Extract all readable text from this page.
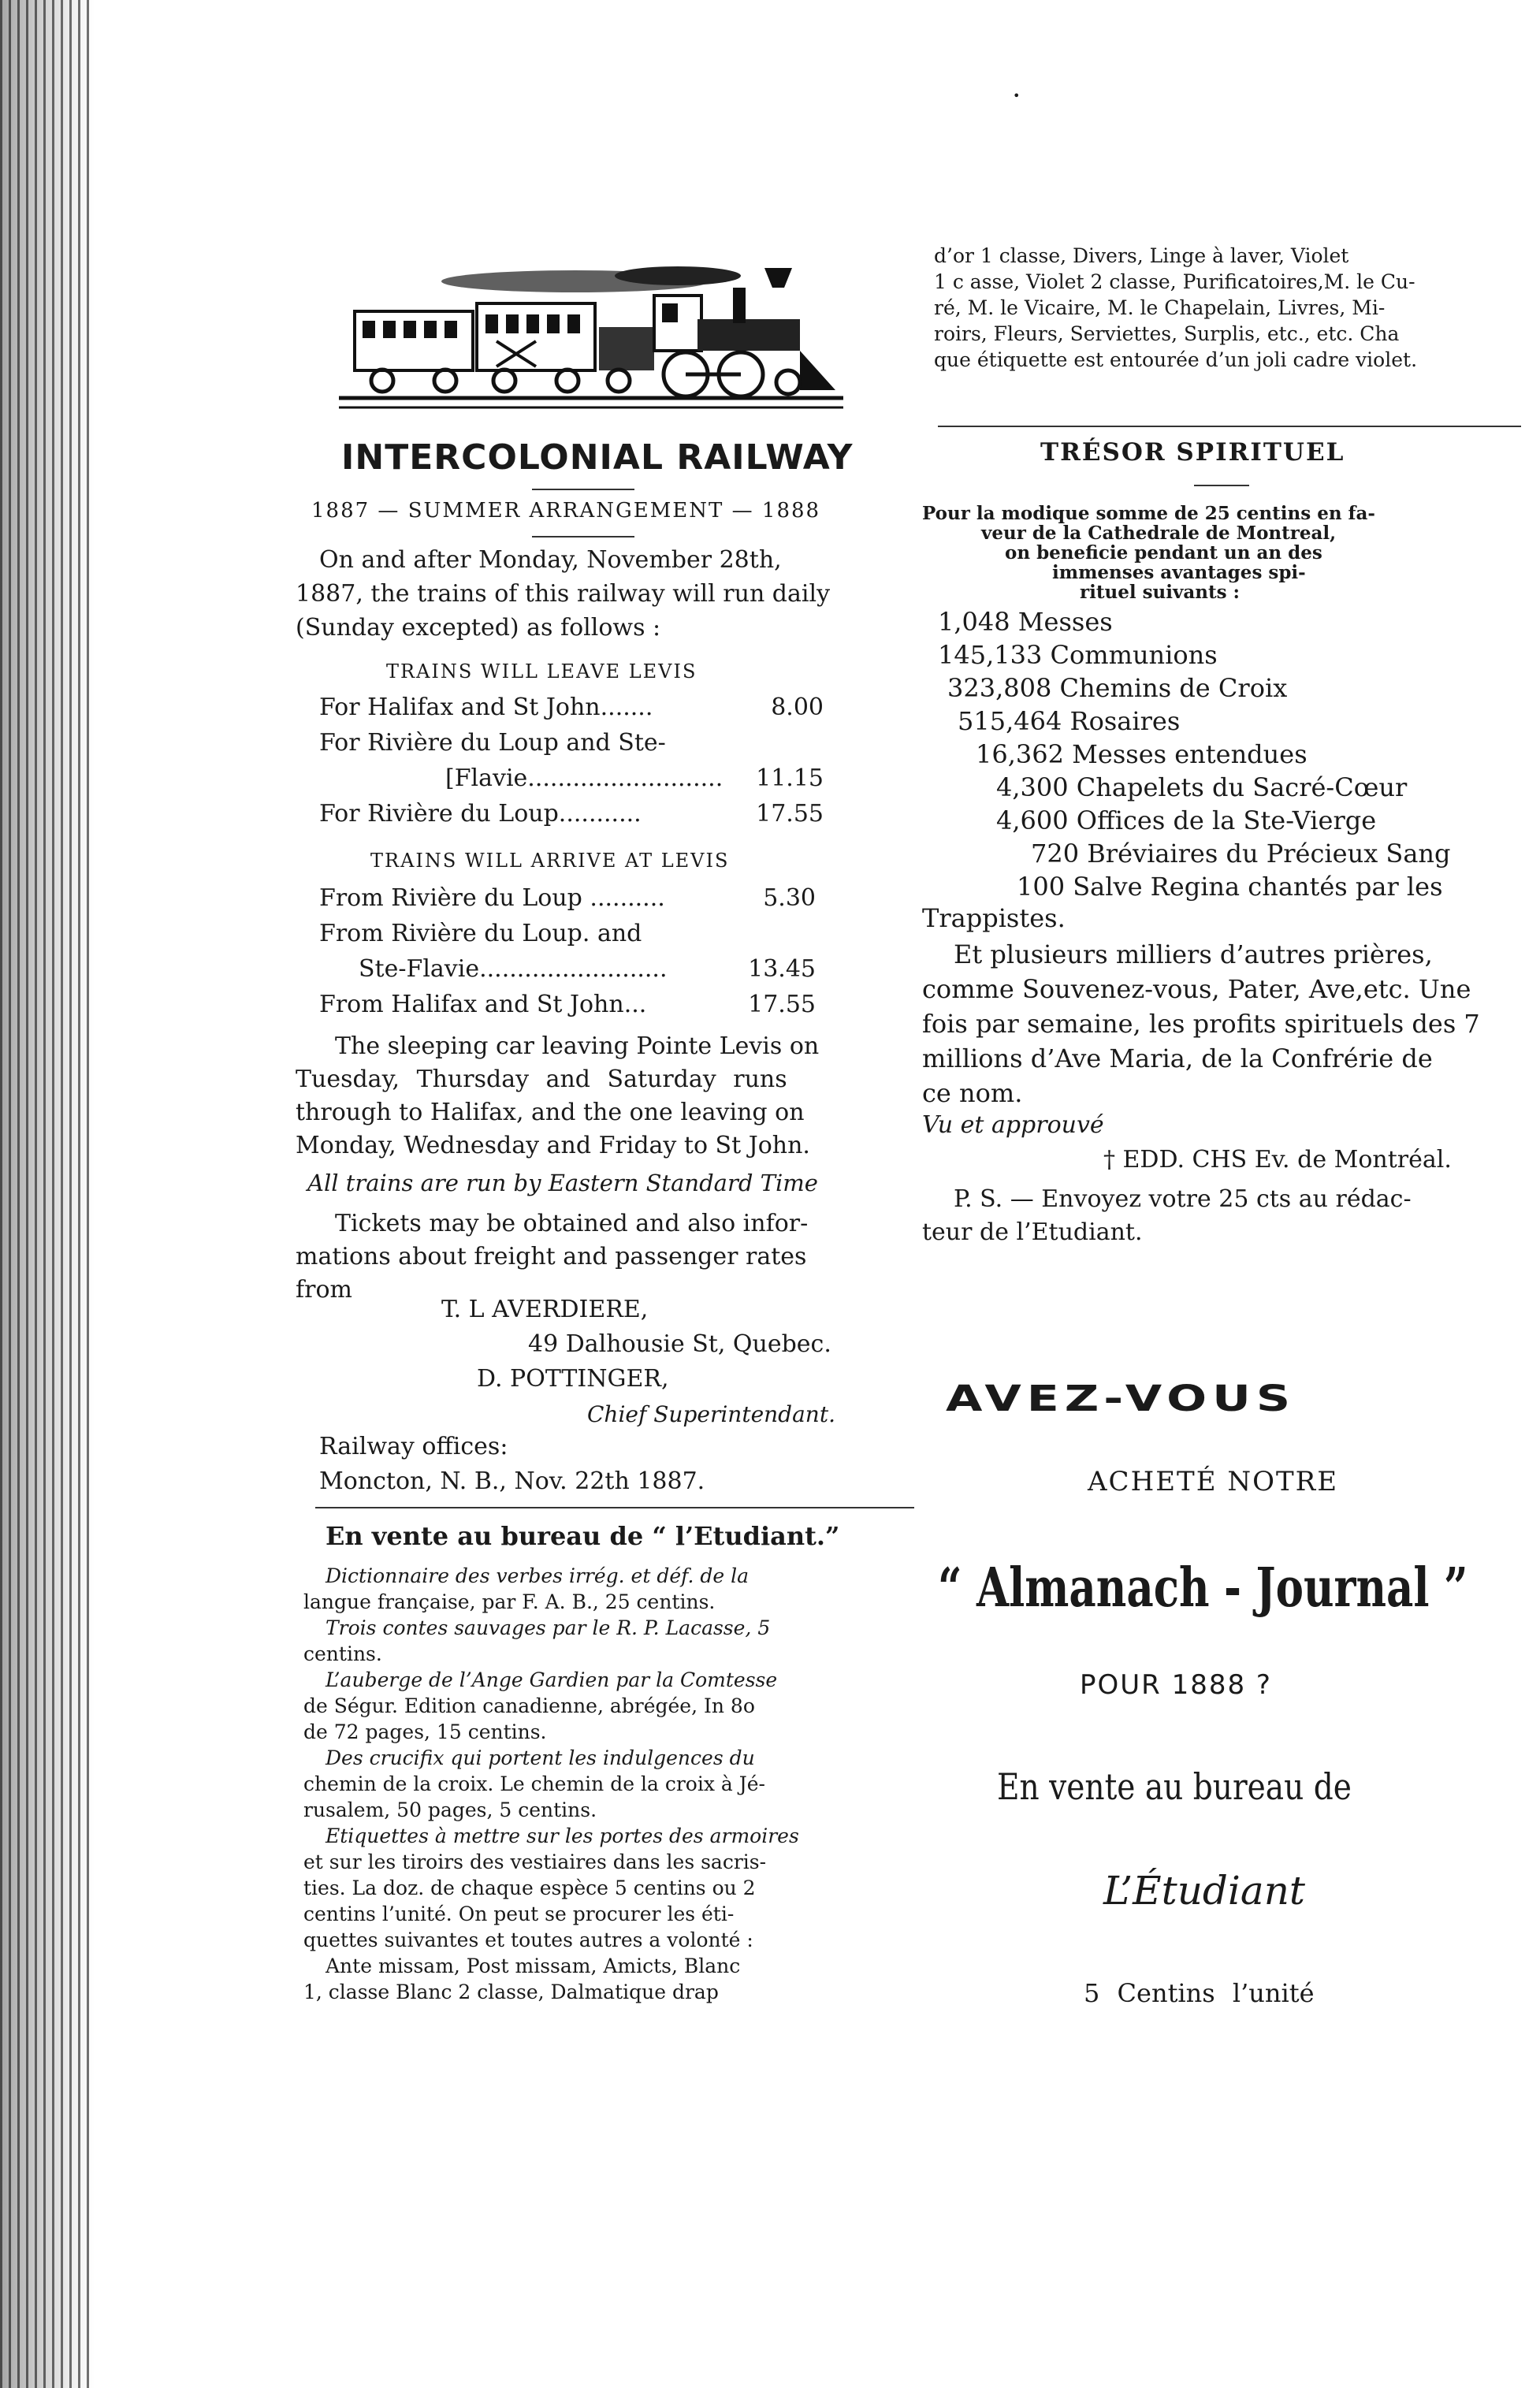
•
INTERCOLONIAL RAILWAY
1887 — SUMMER ARRANGEMENT — 1888
On and after Monday, November 28th,
1887, the trains of this railway will run daily
(Sunday excepted) as follows :
TRAINS WILL LEAVE LEVIS
For Halifax and St John.......	8.00
For Rivière du Loup and Ste-
[Flavie.......................... 11.15
For Rivière du Loup...........	17.55
TRAINS WILL ARRIVE AT LEVIS
From Rivière du Loup ..........	5.30
From Rivière du Loup. and
Ste-Flavie.........................	13.45
From Halifax and St John...	17.55
The sleeping car leaving Pointe Levis on
Tuesday, Thursday and Saturday runs
through to Halifax, and the one leaving on
Monday, Wednesday and Friday to St John.
All trains are run by Eastern Standard Time
Tickets may be obtained and also infor-
mations about freight and passenger rates
from
T. L AVERDIERE,
49 Dalhousie St, Quebec.
D. POTTINGER,
Chief Superintendant.
Railway offices:
Moncton, N. B., Nov. 22th 1887.
En vente au bureau de “ l’Etudiant.”
Dictionnaire des verbes irrég. et déf. de la
langue française, par F. A. B., 25 centins.
Trois contes sauvages par le R. P. Lacasse, 5
centins.
L’auberge de l’Ange Gardien par la Comtesse
de Ségur. Edition canadienne, abrégée, In 8o
de 72 pages, 15 centins.
Des crucifix qui portent les indulgences du
chemin de la croix. Le chemin de la croix à Jé-
rusalem, 50 pages, 5 centins.
Etiquettes à mettre sur les portes des armoires
et sur les tiroirs des vestiaires dans les sacris-
ties. La doz. de chaque espèce 5 centins ou 2
centins l’unité. On peut se procurer les éti-
quettes suivantes et toutes autres a volonté :
Ante missam, Post missam, Amicts, Blanc
1, classe Blanc 2 classe, Dalmatique drap
d’or 1 classe, Divers, Linge à laver, Violet
1 c asse, Violet 2 classe, Purificatoires,M. le Cu-
ré, M. le Vicaire, M. le Chapelain, Livres, Mi-
roirs, Fleurs, Serviettes, Surplis, etc., etc. Cha
que étiquette est entourée d’un joli cadre violet.
TRÉSOR SPIRITUEL
Pour la modique somme de 25 centins en fa-
veur de la Cathedrale de Montreal,
on beneficie pendant un an des
immenses avantages spi-
rituel suivants :
1,048 Messes
145,133 Communions
323,808 Chemins de Croix
515,464 Rosaires
16,362 Messes entendues
4,300 Chapelets du Sacré-Cœur
4,600 Offices de la Ste-Vierge
720 Bréviaires du Précieux Sang
100 Salve Regina chantés par les
Trappistes.
Et plusieurs milliers d’autres prières,
comme Souvenez-vous, Pater, Ave,etc. Une
fois par semaine, les profits spirituels des 7
millions d’Ave Maria, de la Confrérie de
ce nom.
Vu et approuvé
† EDD. CHS Ev. de Montréal.
P. S. — Envoyez votre 25 cts au rédac-
teur de l’Etudiant.
AVEZ-VOUS
ACHETÉ NOTRE
“ Almanach - Journal ”
POUR 1888 ?
En vente au bureau de
L’Étudiant
5 Centins l’unité
